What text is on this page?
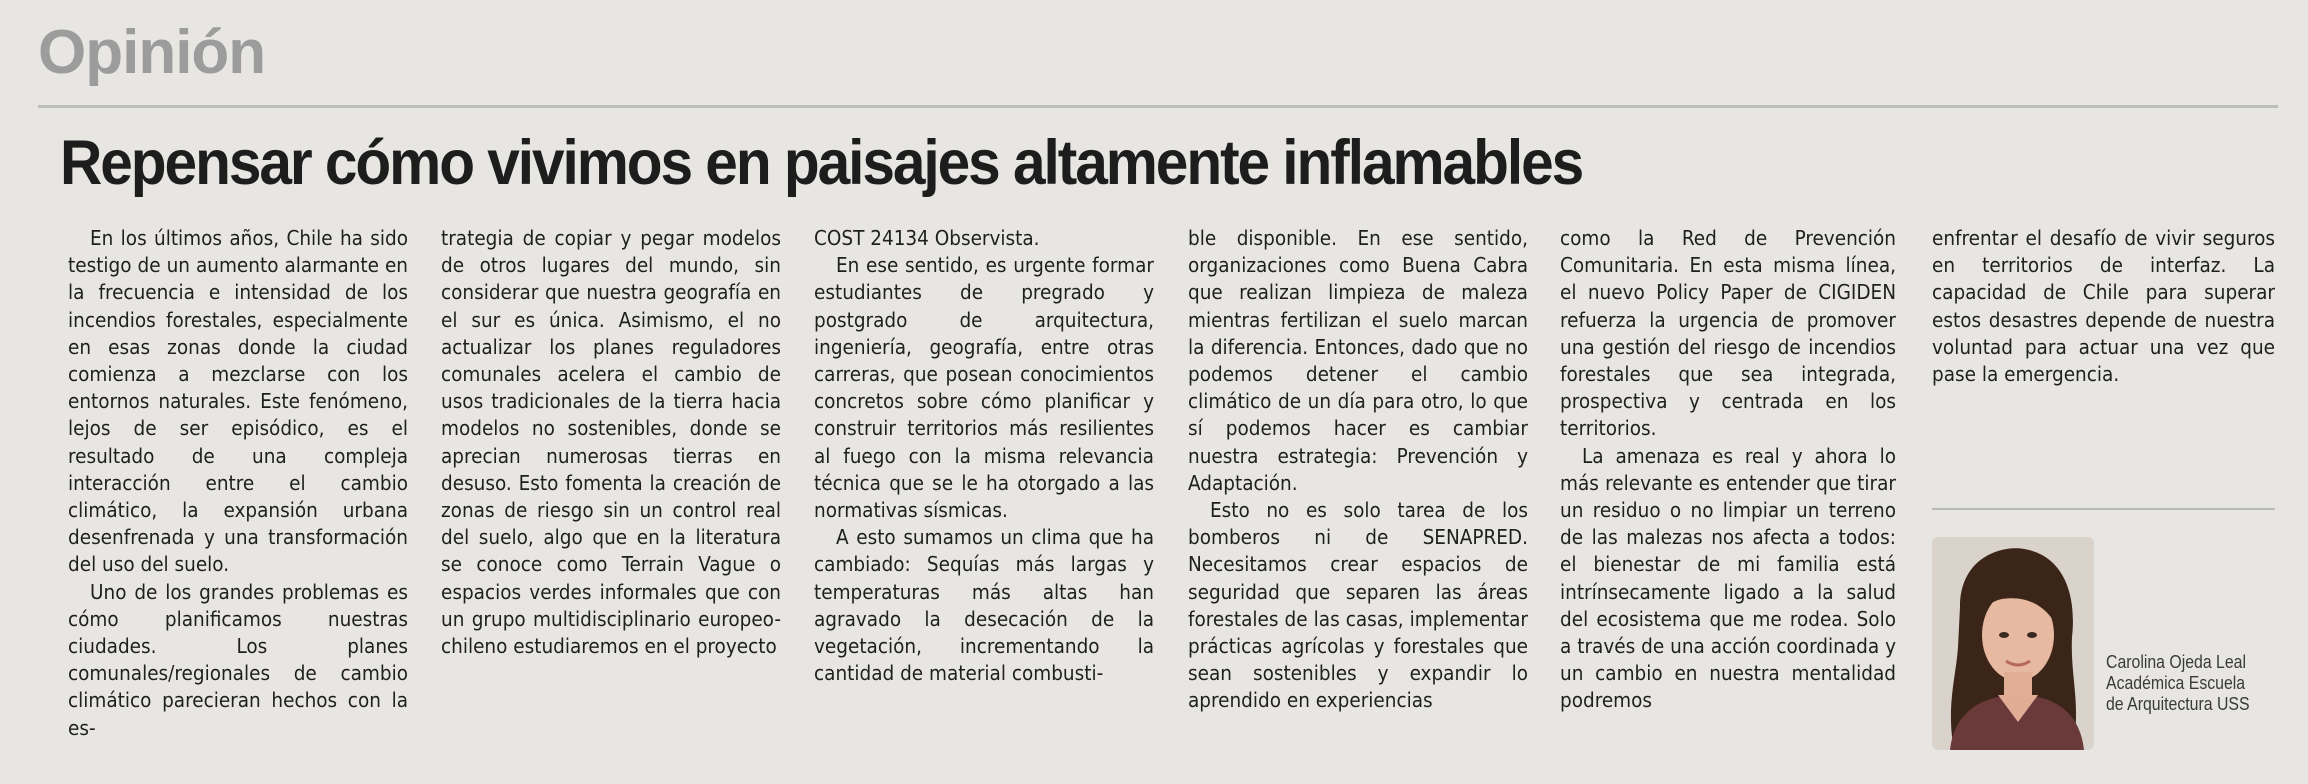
Opinión
Repensar cómo vivimos en paisajes altamente inflamables

En los últimos años, Chile ha sido testigo de un aumento alarmante en la frecuencia e intensidad de los incendios forestales, especialmente en esas zonas donde la ciudad comienza a mezclarse con los entornos naturales. Este fenómeno, lejos de ser episódico, es el resultado de una compleja interacción entre el cambio climático, la expansión urbana desenfrenada y una transformación del uso del suelo.

Uno de los grandes problemas es cómo planificamos nuestras ciudades. Los planes comunales/regionales de cambio climático parecieran hechos con la es-

trategia de copiar y pegar modelos de otros lugares del mundo, sin considerar que nuestra geografía en el sur es única. Asimismo, el no actualizar los planes reguladores comunales acelera el cambio de usos tradicionales de la tierra hacia modelos no sostenibles, donde se aprecian numerosas tierras en desuso. Esto fomenta la creación de zonas de riesgo sin un control real del suelo, algo que en la literatura se conoce como Terrain Vague o espacios verdes informales que con un grupo multidisciplinario europeo-chileno estudiaremos en el proyecto

COST 24134 Observista.

En ese sentido, es urgente formar estudiantes de pregrado y postgrado de arquitectura, ingeniería, geografía, entre otras carreras, que posean conocimientos concretos sobre cómo planificar y construir territorios más resilientes al fuego con la misma relevancia técnica que se le ha otorgado a las normativas sísmicas.

A esto sumamos un clima que ha cambiado: Sequías más largas y temperaturas más altas han agravado la desecación de la vegetación, incrementando la cantidad de material combusti-

ble disponible. En ese sentido, organizaciones como Buena Cabra que realizan limpieza de maleza mientras fertilizan el suelo marcan la diferencia. Entonces, dado que no podemos detener el cambio climático de un día para otro, lo que sí podemos hacer es cambiar nuestra estrategia: Prevención y Adaptación.

Esto no es solo tarea de los bomberos ni de SENAPRED. Necesitamos crear espacios de seguridad que separen las áreas forestales de las casas, implementar prácticas agrícolas y forestales que sean sostenibles y expandir lo aprendido en experiencias

como la Red de Prevención Comunitaria. En esta misma línea, el nuevo Policy Paper de CIGIDEN refuerza la urgencia de promover una gestión del riesgo de incendios forestales que sea integrada, prospectiva y centrada en los territorios.

La amenaza es real y ahora lo más relevante es entender que tirar un residuo o no limpiar un terreno de las malezas nos afecta a todos: el bienestar de mi familia está intrínsecamente ligado a la salud del ecosistema que me rodea. Solo a través de una acción coordinada y un cambio en nuestra mentalidad podremos

enfrentar el desafío de vivir seguros en territorios de interfaz. La capacidad de Chile para superar estos desastres depende de nuestra voluntad para actuar una vez que pase la emergencia.

Carolina Ojeda Leal
Académica Escuela
de Arquitectura USS
